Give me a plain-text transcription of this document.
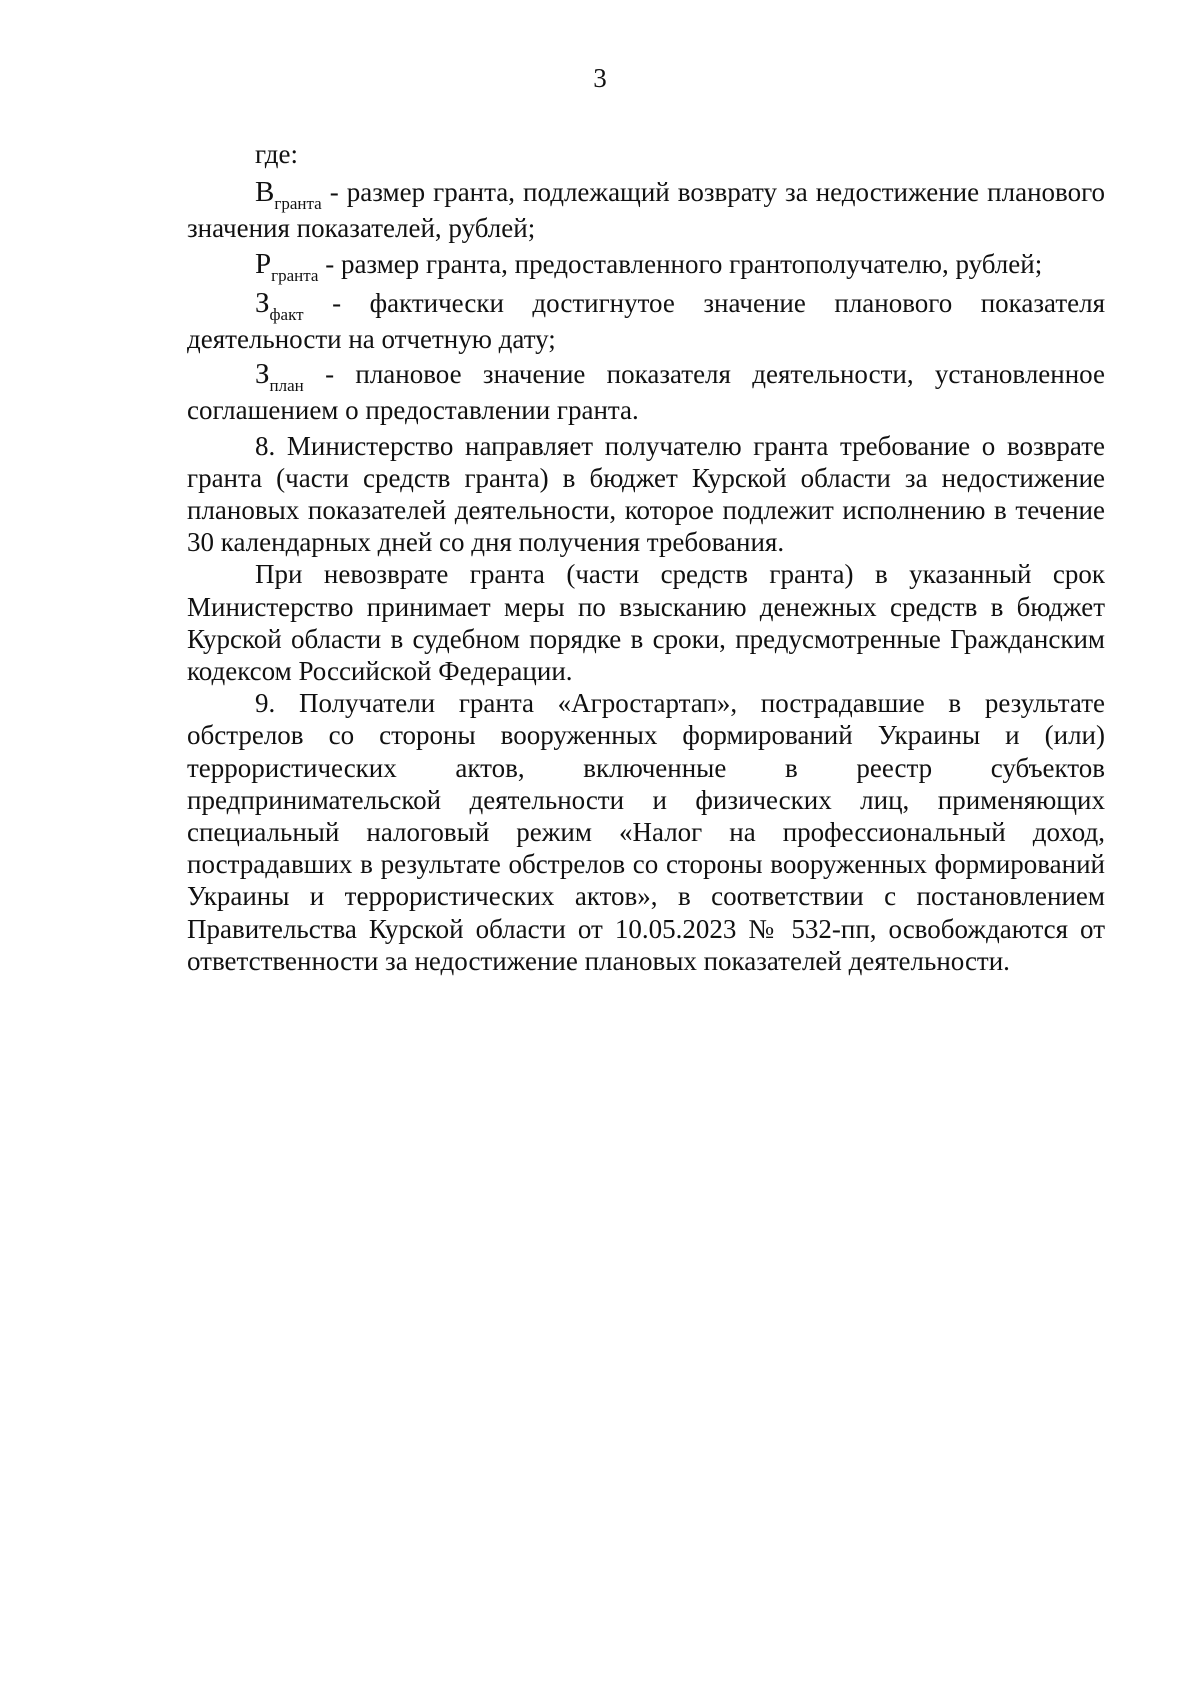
3

где:

$В_{гранта}$ - размер гранта, подлежащий возврату за недостижение планового значения показателей, рублей;

$Р_{гранта}$ - размер гранта, предоставленного грантополучателю, рублей;

$З_{факт}$ - фактически достигнутое значение планового показателя деятельности на отчетную дату;

$З_{план}$ - плановое значение показателя деятельности, установленное соглашением о предоставлении гранта.

8. Министерство направляет получателю гранта требование о возврате гранта (части средств гранта) в бюджет Курской области за недостижение плановых показателей деятельности, которое подлежит исполнению в течение 30 календарных дней со дня получения требования.

При невозврате гранта (части средств гранта) в указанный срок Министерство принимает меры по взысканию денежных средств в бюджет Курской области в судебном порядке в сроки, предусмотренные Гражданским кодексом Российской Федерации.

9. Получатели гранта «Агростартап», пострадавшие в результате обстрелов со стороны вооруженных формирований Украины и (или) террористических актов, включенные в реестр субъектов предпринимательской деятельности и физических лиц, применяющих специальный налоговый режим «Налог на профессиональный доход, пострадавших в результате обстрелов со стороны вооруженных формирований Украины и террористических актов», в соответствии с постановлением Правительства Курской области от 10.05.2023 № 532-пп, освобождаются от ответственности за недостижение плановых показателей деятельности.
